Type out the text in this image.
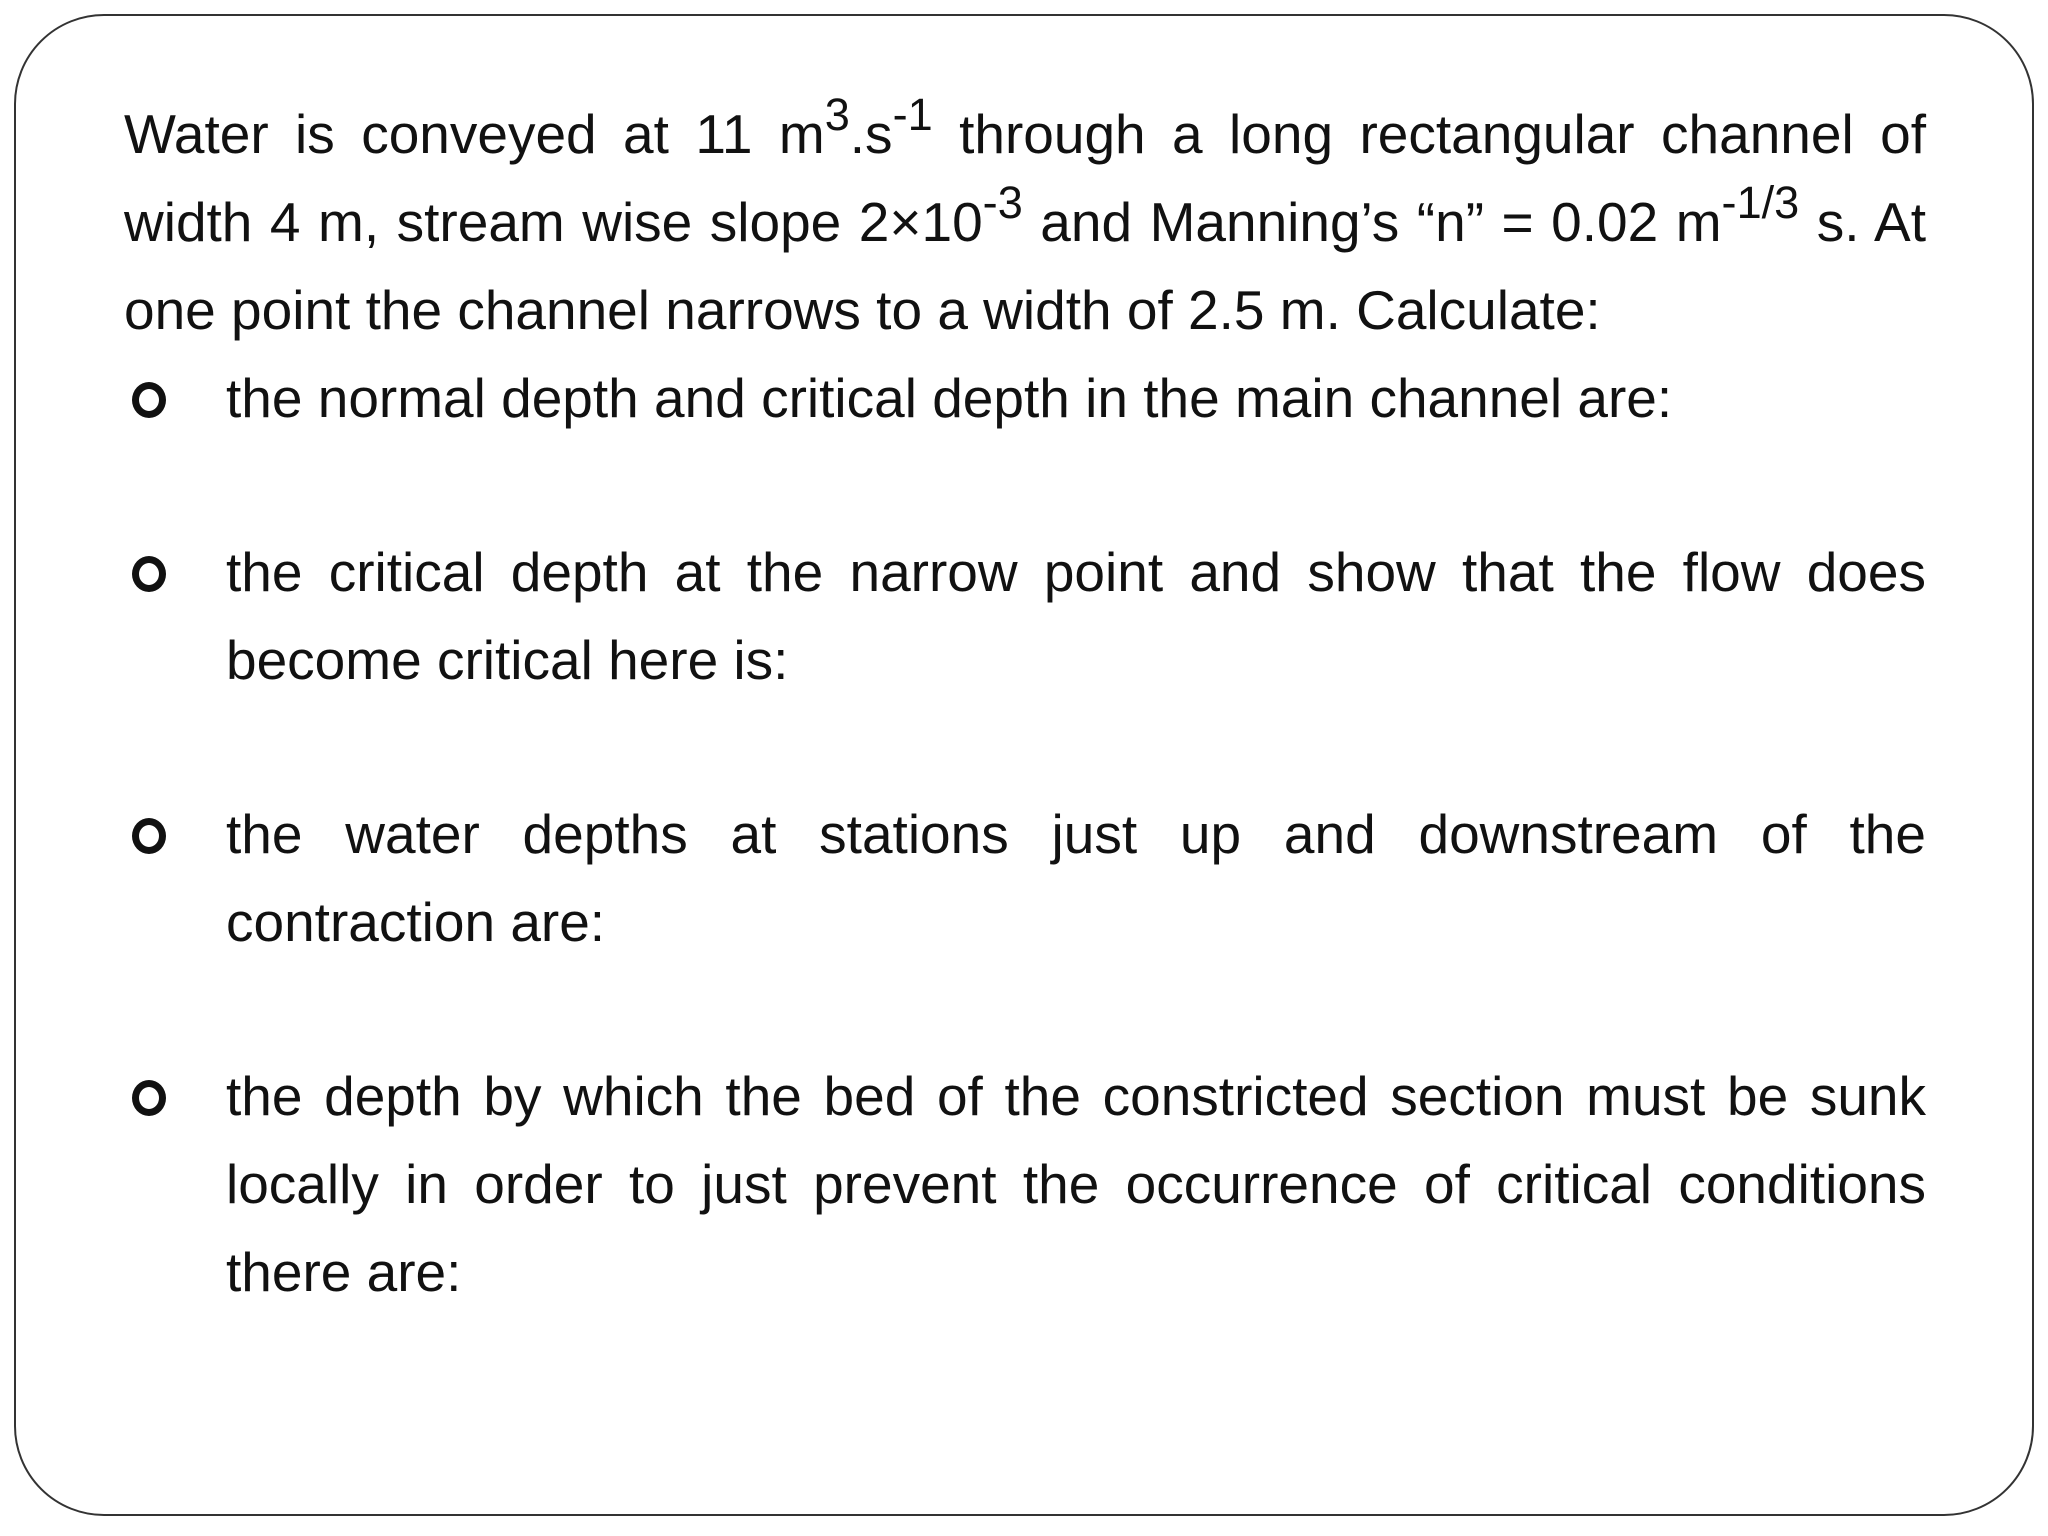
Water is conveyed at 11 $m^3.s^{-1}$ through a long rectangular channel of width 4 m, stream wise slope $2\times 10^{-3}$ and Manning’s “n” = 0.02 $m^{-1/3}$ s. At one point the channel narrows to a width of 2.5 m. Calculate:

the normal depth and critical depth in the main channel are:
the critical depth at the narrow point and show that the flow does become critical here is:
the water depths at stations just up and downstream of the contraction are:
the depth by which the bed of the constricted section must be sunk locally in order to just prevent the occurrence of critical conditions there are:
